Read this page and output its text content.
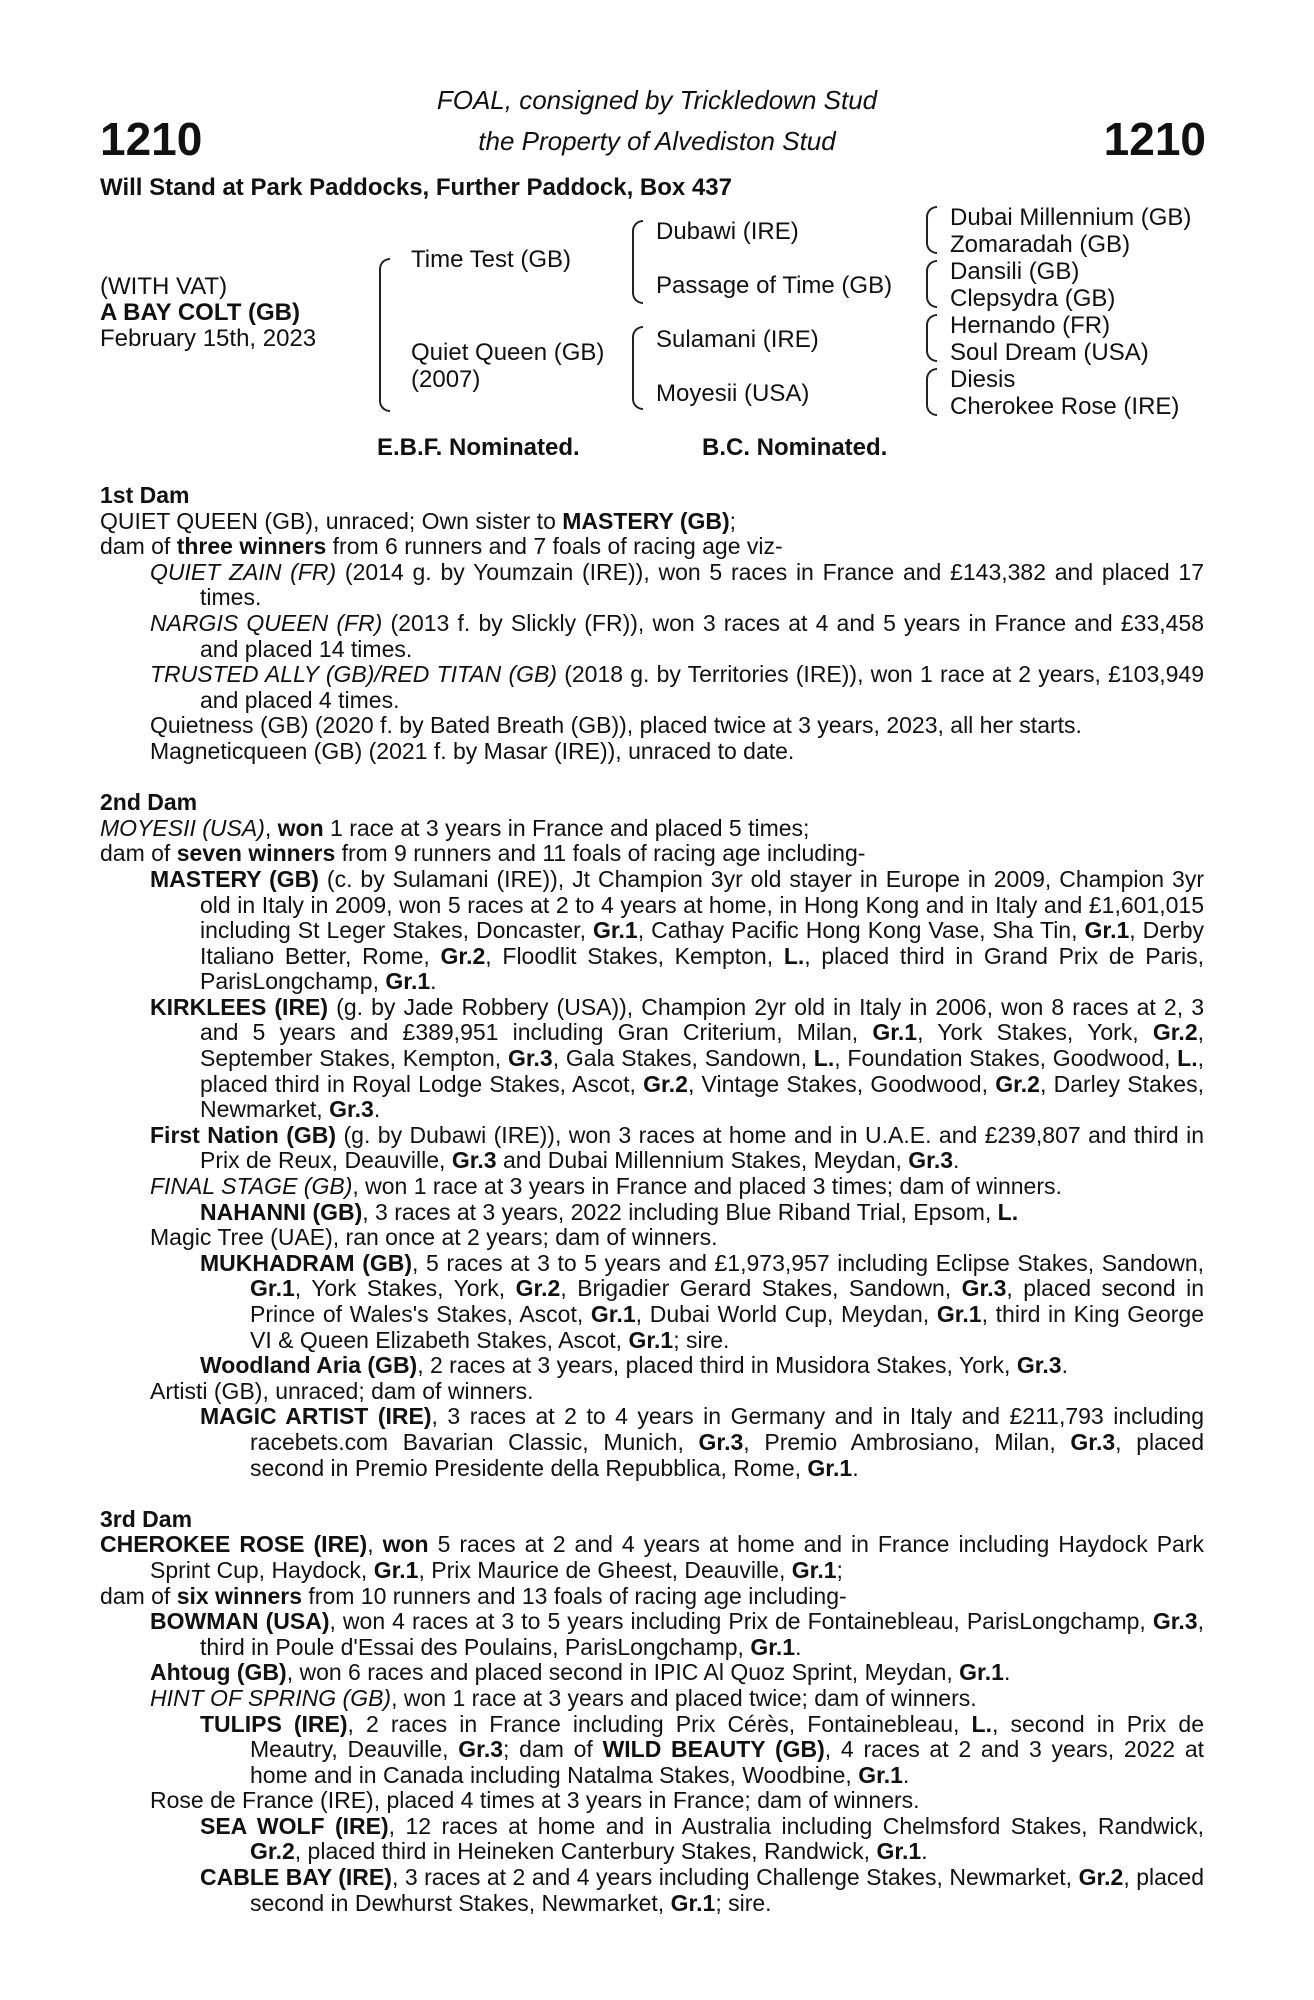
1210	1210
FOAL, consigned by Trickledown Stud
the Property of Alvediston Stud
Will Stand at Park Paddocks, Further Paddock, Box 437
(WITH VAT)
A BAY COLT (GB)
February 15th, 2023
Time Test (GB)
Quiet Queen (GB)
(2007)
Dubawi (IRE)
Passage of Time (GB)
Sulamani (IRE)
Moyesii (USA)
Dubai Millennium (GB)
Zomaradah (GB)
Dansili (GB)
Clepsydra (GB)
Hernando (FR)
Soul Dream (USA)
Diesis
Cherokee Rose (IRE)
E.B.F. Nominated.	B.C. Nominated.
1st Dam
QUIET QUEEN (GB), unraced; Own sister to MASTERY (GB);
dam of three winners from 6 runners and 7 foals of racing age viz-
QUIET ZAIN (FR) (2014 g. by Youmzain (IRE)), won 5 races in France and £143,382 and placed 17 times.
NARGIS QUEEN (FR) (2013 f. by Slickly (FR)), won 3 races at 4 and 5 years in France and £33,458 and placed 14 times.
TRUSTED ALLY (GB)/RED TITAN (GB) (2018 g. by Territories (IRE)), won 1 race at 2 years, £103,949 and placed 4 times.
Quietness (GB) (2020 f. by Bated Breath (GB)), placed twice at 3 years, 2023, all her starts.
Magneticqueen (GB) (2021 f. by Masar (IRE)), unraced to date.
2nd Dam
MOYESII (USA), won 1 race at 3 years in France and placed 5 times;
dam of seven winners from 9 runners and 11 foals of racing age including-
MASTERY (GB) (c. by Sulamani (IRE)), Jt Champion 3yr old stayer in Europe in 2009, Champion 3yr old in Italy in 2009, won 5 races at 2 to 4 years at home, in Hong Kong and in Italy and £1,601,015 including St Leger Stakes, Doncaster, Gr.1, Cathay Pacific Hong Kong Vase, Sha Tin, Gr.1, Derby Italiano Better, Rome, Gr.2, Floodlit Stakes, Kempton, L., placed third in Grand Prix de Paris, ParisLongchamp, Gr.1.
KIRKLEES (IRE) (g. by Jade Robbery (USA)), Champion 2yr old in Italy in 2006, won 8 races at 2, 3 and 5 years and £389,951 including Gran Criterium, Milan, Gr.1, York Stakes, York, Gr.2, September Stakes, Kempton, Gr.3, Gala Stakes, Sandown, L., Foundation Stakes, Goodwood, L., placed third in Royal Lodge Stakes, Ascot, Gr.2, Vintage Stakes, Goodwood, Gr.2, Darley Stakes, Newmarket, Gr.3.
First Nation (GB) (g. by Dubawi (IRE)), won 3 races at home and in U.A.E. and £239,807 and third in Prix de Reux, Deauville, Gr.3 and Dubai Millennium Stakes, Meydan, Gr.3.
FINAL STAGE (GB), won 1 race at 3 years in France and placed 3 times; dam of winners.
NAHANNI (GB), 3 races at 3 years, 2022 including Blue Riband Trial, Epsom, L.
Magic Tree (UAE), ran once at 2 years; dam of winners.
MUKHADRAM (GB), 5 races at 3 to 5 years and £1,973,957 including Eclipse Stakes, Sandown, Gr.1, York Stakes, York, Gr.2, Brigadier Gerard Stakes, Sandown, Gr.3, placed second in Prince of Wales's Stakes, Ascot, Gr.1, Dubai World Cup, Meydan, Gr.1, third in King George VI & Queen Elizabeth Stakes, Ascot, Gr.1; sire.
Woodland Aria (GB), 2 races at 3 years, placed third in Musidora Stakes, York, Gr.3.
Artisti (GB), unraced; dam of winners.
MAGIC ARTIST (IRE), 3 races at 2 to 4 years in Germany and in Italy and £211,793 including racebets.com Bavarian Classic, Munich, Gr.3, Premio Ambrosiano, Milan, Gr.3, placed second in Premio Presidente della Repubblica, Rome, Gr.1.
3rd Dam
CHEROKEE ROSE (IRE), won 5 races at 2 and 4 years at home and in France including Haydock Park Sprint Cup, Haydock, Gr.1, Prix Maurice de Gheest, Deauville, Gr.1;
dam of six winners from 10 runners and 13 foals of racing age including-
BOWMAN (USA), won 4 races at 3 to 5 years including Prix de Fontainebleau, ParisLongchamp, Gr.3, third in Poule d'Essai des Poulains, ParisLongchamp, Gr.1.
Ahtoug (GB), won 6 races and placed second in IPIC Al Quoz Sprint, Meydan, Gr.1.
HINT OF SPRING (GB), won 1 race at 3 years and placed twice; dam of winners.
TULIPS (IRE), 2 races in France including Prix Cérès, Fontainebleau, L., second in Prix de Meautry, Deauville, Gr.3; dam of WILD BEAUTY (GB), 4 races at 2 and 3 years, 2022 at home and in Canada including Natalma Stakes, Woodbine, Gr.1.
Rose de France (IRE), placed 4 times at 3 years in France; dam of winners.
SEA WOLF (IRE), 12 races at home and in Australia including Chelmsford Stakes, Randwick, Gr.2, placed third in Heineken Canterbury Stakes, Randwick, Gr.1.
CABLE BAY (IRE), 3 races at 2 and 4 years including Challenge Stakes, Newmarket, Gr.2, placed second in Dewhurst Stakes, Newmarket, Gr.1; sire.
